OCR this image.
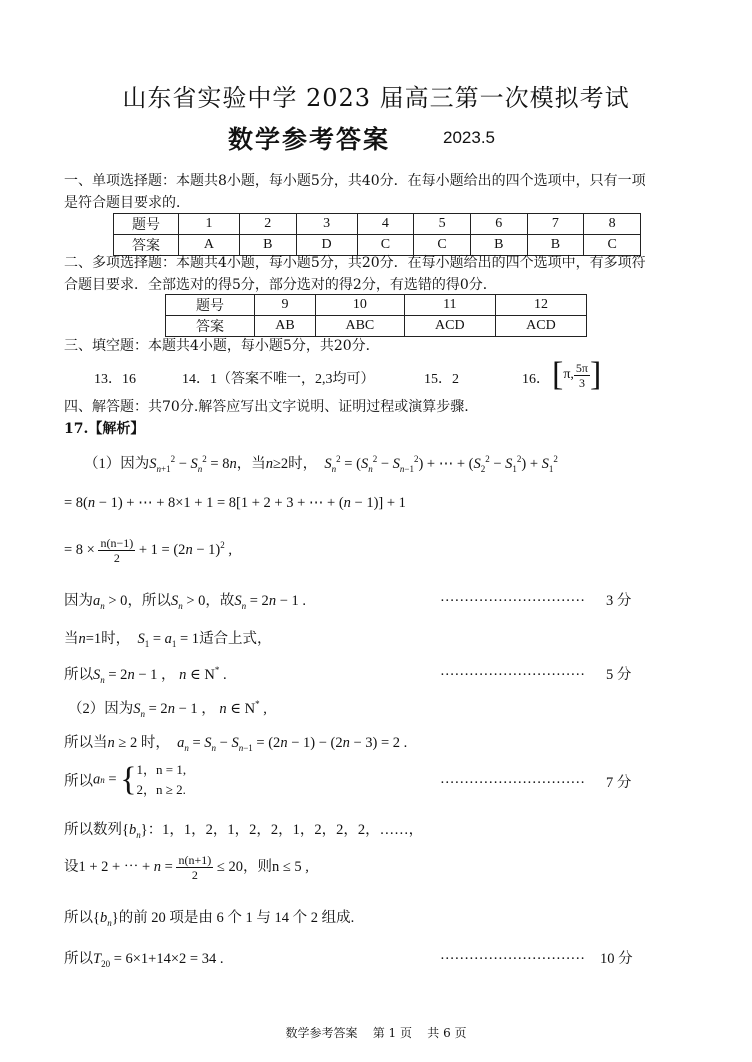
山东省实验中学 2023 届高三第一次模拟考试
数学参考答案	2023.5
一、单项选择题：本题共8小题，每小题5分，共40分．在每小题给出的四个选项中，只有一项
是符合题目要求的．
题号	1	2	3	4	5	6	7	8
答案	A	B	D	C	C	B	B	C
二、多项选择题：本题共4小题，每小题5分，共20分．在每小题给出的四个选项中，有多项符
合题目要求．全部选对的得5分，部分选对的得2分，有选错的得0分．
题号	9	10	11	12
答案	AB	ABC	ACD	ACD
三、填空题：本题共4小题，每小题5分，共20分．
13．16	14．1（答案不唯一，2,3均可）	15．2	16． [π, $\frac{5\pi}{3}$ ]
四、解答题：共70分.解答应写出文字说明、证明过程或演算步骤.
17.【解析】
（1）因为$S_{n+1}^2 - S_n^2 = 8n$，当n≥2时， $S_n^2 = (S_n^2 - S_{n-1}^2)$ + ⋯ + $(S_2^2 - S_1^2) + S_1^2$
= 8(n − 1) + ⋯ + 8×1 + 1 = 8[1 + 2 + 3 + ⋯ + (n − 1)] + 1
= $8 \times \frac{n(n-1)}{2} + 1 = (2n - 1)^2$ ,
因为$a_n > 0$，所以$S_n > 0$，故$S_n = 2n - 1$ .	………………………… 3 分
当n=1时， $S_1 = a_1 = 1$适合上式，
所以$S_n = 2n - 1$ ， n ∈ N* .	………………………… 5 分
（2）因为$S_n = 2n - 1$ ， n ∈ N* ,
所以当n ≥ 2 时，  $a_n = S_n - S_{n-1} = (2n - 1) - (2n - 3) = 2$ .
所以an = { 1，n = 1,
2，n ≥ 2.
………………………… 7 分
所以数列$\{b_n\}$：1，1，2，1，2，2，1，2，2，2，……，
设1 + 2 + ⋯ + $n = \frac{n(n+1)}{2} \le 20$，则n ≤ 5 ,
所以$\{b_n\}$的前 20 项是由 6 个 1 与 14 个 2 组成.
所以$T_{20} = 6\times 1+14\times 2 = 34$ .	………………………… 10 分
数学参考答案    第 1 页    共 6 页
